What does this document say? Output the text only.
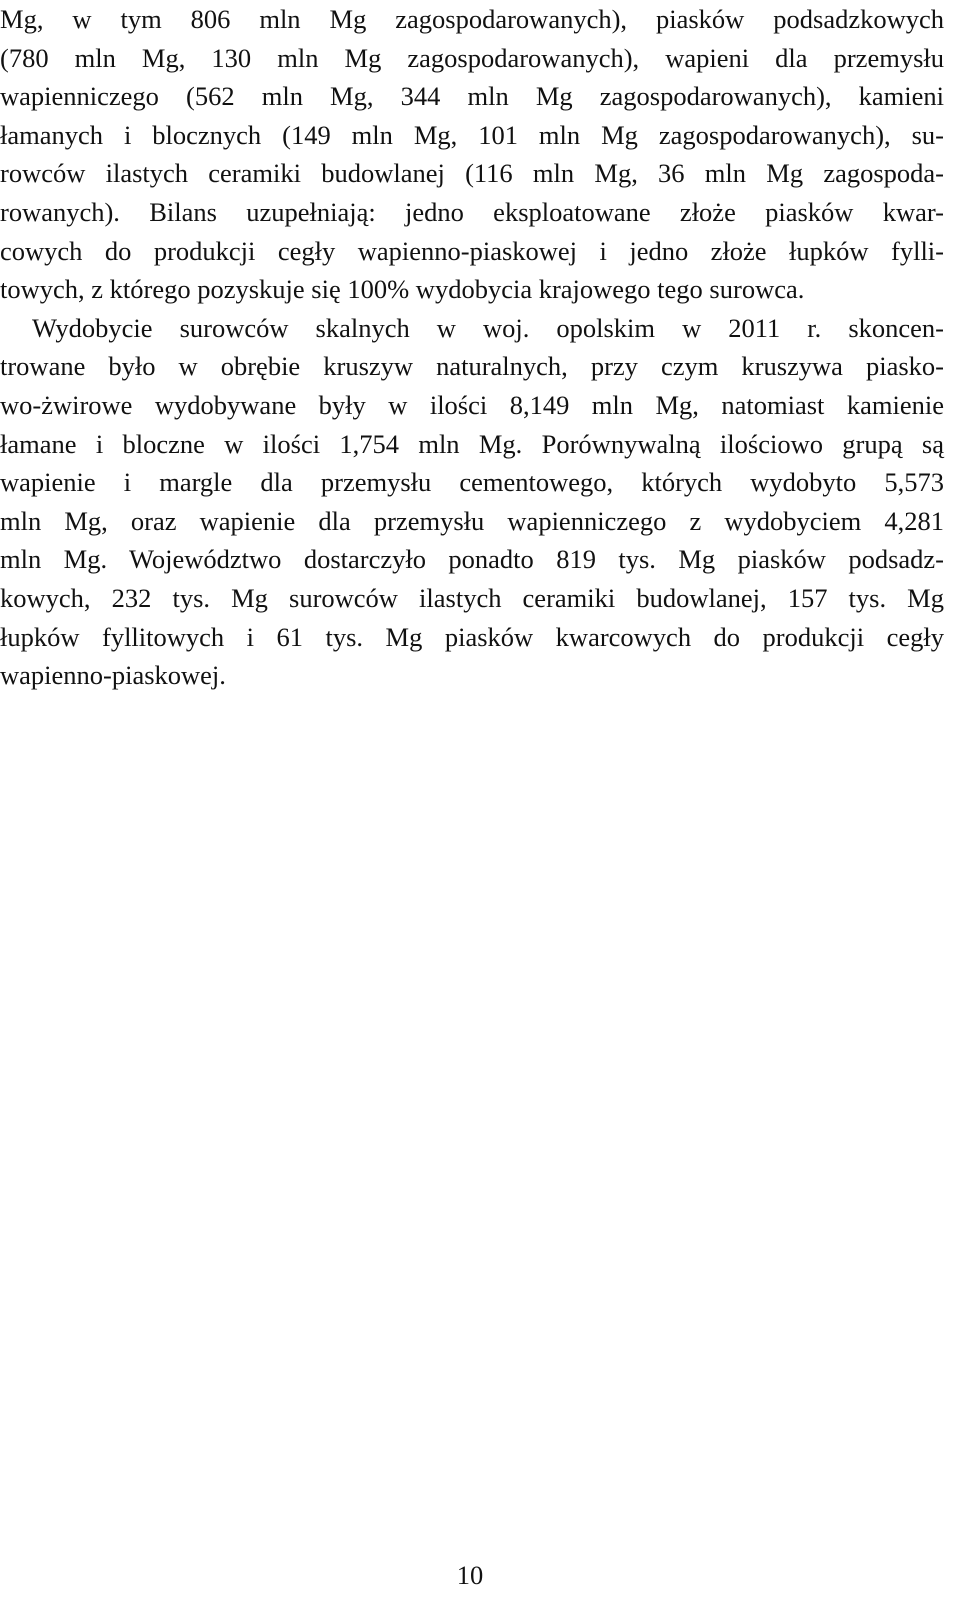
Mg, w tym 806 mln Mg zagospodarowanych), piasków podsadzkowych
(780 mln Mg, 130 mln Mg zagospodarowanych), wapieni dla przemysłu
wapienniczego (562 mln Mg, 344 mln Mg zagospodarowanych), kamieni
łamanych i blocznych (149 mln Mg, 101 mln Mg zagospodarowanych), su-
rowców ilastych ceramiki budowlanej (116 mln Mg, 36 mln Mg zagospoda-
rowanych). Bilans uzupełniają: jedno eksploatowane złoże piasków kwar-
cowych do produkcji cegły wapienno-piaskowej i jedno złoże łupków fylli-
towych, z którego pozyskuje się 100% wydobycia krajowego tego surowca.
Wydobycie surowców skalnych w woj. opolskim w 2011 r. skoncen-
trowane było w obrębie kruszyw naturalnych, przy czym kruszywa piasko-
wo-żwirowe wydobywane były w ilości 8,149 mln Mg, natomiast kamienie
łamane i bloczne w ilości 1,754 mln Mg. Porównywalną ilościowo grupą są
wapienie i margle dla przemysłu cementowego, których wydobyto 5,573
mln Mg, oraz wapienie dla przemysłu wapienniczego z wydobyciem 4,281
mln Mg. Województwo dostarczyło ponadto 819 tys. Mg piasków podsadz-
kowych, 232 tys. Mg surowców ilastych ceramiki budowlanej, 157 tys. Mg
łupków fyllitowych i 61 tys. Mg piasków kwarcowych do produkcji cegły
wapienno-piaskowej.
10
